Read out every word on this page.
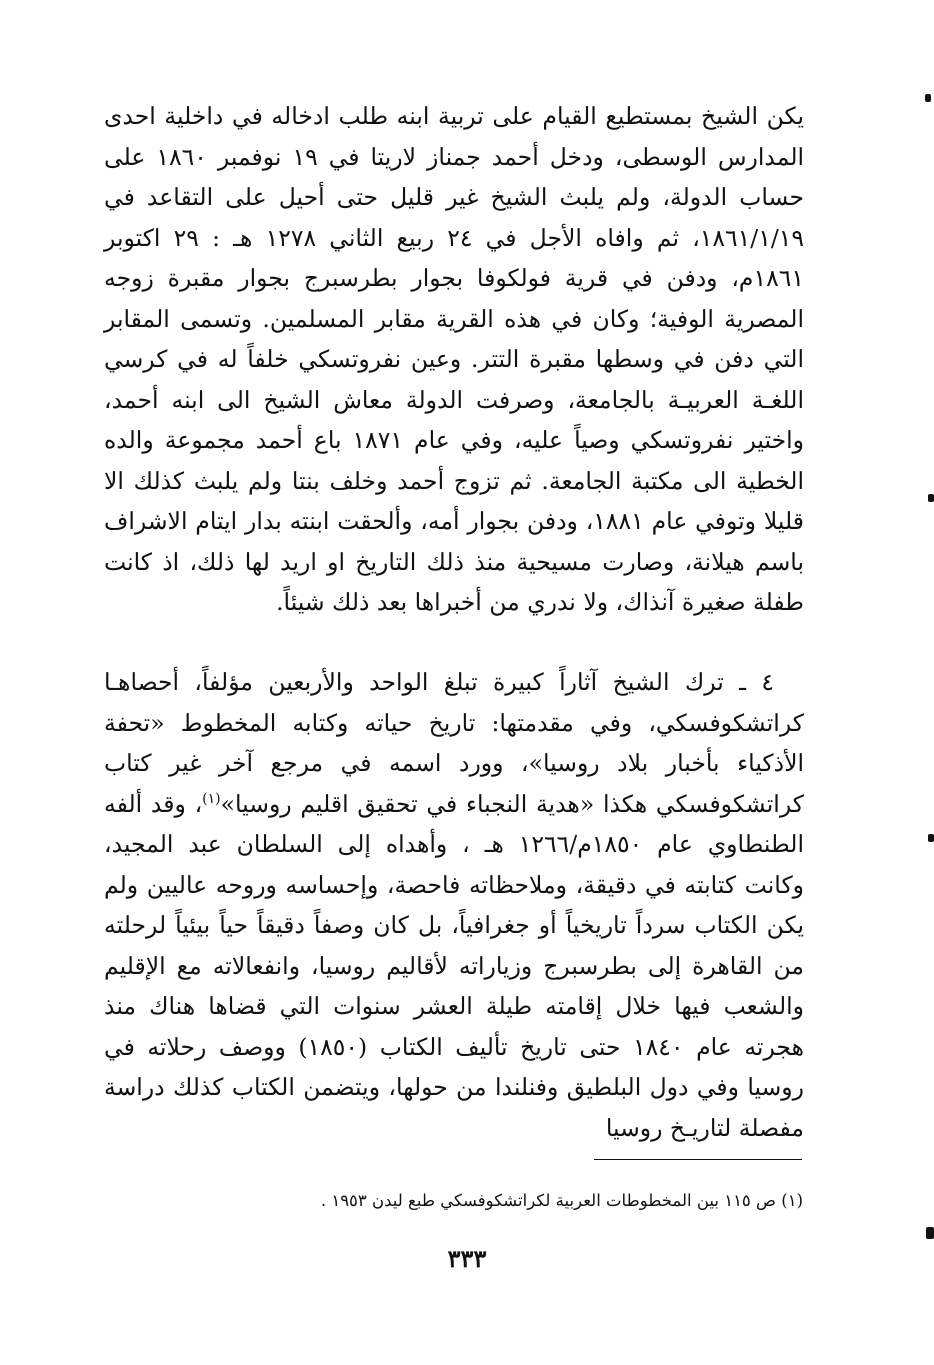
يكن الشيخ بمستطيع القيام على تربية ابنه طلب ادخاله في داخلية احدى المدارس الوسطى، ودخل أحمد جمناز لاريتا في ١٩ نوفمبر ١٨٦٠ على حساب الدولة، ولم يلبث الشيخ غير قليل حتى أحيل على التقاعد في ١٨٦١/١/١٩، ثم وافاه الأجل في ٢٤ ربيع الثاني ١٢٧٨ هـ : ٢٩ اكتوبر ١٨٦١م، ودفن في قرية فولكوفا بجوار بطرسبرج بجوار مقبرة زوجه المصرية الوفية؛ وكان في هذه القرية مقابر المسلمين. وتسمى المقابر التي دفن في وسطها مقبرة التتر. وعين نفروتسكي خلفاً له في كرسي اللغـة العربيـة بالجامعة، وصرفت الدولة معاش الشيخ الى ابنه أحمد، واختير نفروتسكي وصياً عليه، وفي عام ١٨٧١ باع أحمد مجموعة والده الخطية الى مكتبة الجامعة. ثم تزوج أحمد وخلف بنتا ولم يلبث كذلك الا قليلا وتوفي عام ١٨٨١، ودفن بجوار أمه، وألحقت ابنته بدار ايتام الاشراف باسم هيلانة، وصارت مسيحية منذ ذلك التاريخ او اريد لها ذلك، اذ كانت طفلة صغيرة آنذاك، ولا ندري من أخبراها بعد ذلك شيئاً.

٤ ـ ترك الشيخ آثاراً كبيرة تبلغ الواحد والأربعين مؤلفاً، أحصاهـا كراتشكوفسكي، وفي مقدمتها: تاريخ حياته وكتابه المخطوط «تحفة الأذكياء بأخبار بلاد روسيا»، وورد اسمه في مرجع آخر غير كتاب كراتشكوفسكي هكذا «هدية النجباء في تحقيق اقليم روسيا»$^{(١)}$، وقد ألفه الطنطاوي عام ١٨٥٠م/١٢٦٦ هـ ، وأهداه إلى السلطان عبد المجيد، وكانت كتابته في دقيقة، وملاحظاته فاحصة، وإحساسه وروحه عاليين ولم يكن الكتاب سرداً تاريخياً أو جغرافياً، بل كان وصفاً دقيقاً حياً بيئياً لرحلته من القاهرة إلى بطرسبرج وزياراته لأقاليم روسيا، وانفعالاته مع الإقليم والشعب فيها خلال إقامته طيلة العشر سنوات التي قضاها هناك منذ هجرته عام ١٨٤٠ حتى تاريخ تأليف الكتاب (١٨٥٠) ووصف رحلاته في روسيا وفي دول البلطيق وفنلندا من حولها، ويتضمن الكتاب كذلك دراسة مفصلة لتاريـخ روسيا

(١) ص ١١٥ بين المخطوطات العربية لكراتشكوفسكي طبع ليدن ١٩٥٣ .

٣٣٣
